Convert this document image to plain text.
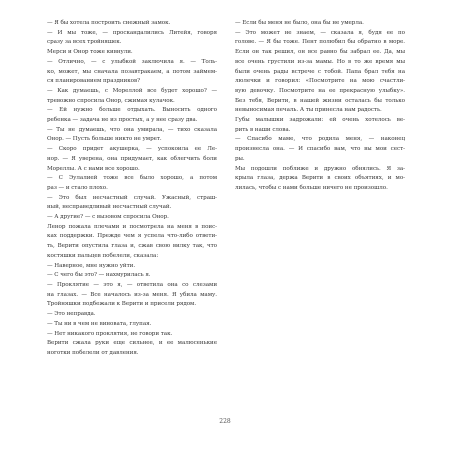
— Я бы хотела построить снежный замок.
— И мы тоже, — проскандалились Литейя, говоря
сразу за всех тройняшек.
Мерси и Онор тоже кивнули.
— Отлично, — с улыбкой заключила я. — Толь-
ко, может, мы сначала позавтракаем, а потом займем-
ся планированием праздников?
— Как думаешь, с Мореллой все будет хорошо? —
тревожно спросила Онор, сжимая кулачок.
— Ей нужно больше отдыхать. Выносить одного
ребенка — задача не из простых, а у нее сразу два.
— Ты не думаешь, что она умирала, — тихо сказала
Онор. — Пусть больше никто не умрет.
— Скоро придет акушерка, — успокоила ее Ле-
нор. — Я уверена, она придумает, как облегчить боли
Мореллы. А с нами все хорошо.
— С Эулалией тоже все было хорошо, а потом
раз — и стало плохо.
— Это был несчастный случай. Ужасный, страш-
ный, несправедливый несчастный случай.
— А другие? — с вызовом спросила Онор.
Ленор пожала плечами и посмотрела на меня в поис-
ках поддержки. Прежде чем я успела что-либо ответи-
ть, Верити опустила глаза и, сжав свою вилку так, что
костяшки пальцев побелели, сказала:
— Наверное, мне нужно уйти.
— С чего бы это? — нахмурилась я.
— Проклятие — это я, — ответила она со слезами
на глазах. — Все началось из-за меня. Я убила маму.
Тройняшки подбежали к Верити и присели рядом.
— Это неправда.
— Ты ни в чем не виновата, глупая.
— Нет никакого проклятия, не говори так.
Верити сжала руки еще сильнее, и ее малюсенькие
ноготки побелели от давления.
— Если бы меня не было, она бы не умерла.
— Это может не знаем, — сказала я, будя ее по
голове. — Я бы тоже. Пент полюбил бы обратно в море.
Если он так решил, он все равно бы забрал ее. Да, мы
все очень грустили из-за мамы. Но в то же время мы
были очень рады встрече с тобой. Папа брал тебя на
люлечки и говорил: «Посмотрите на мою счастли-
вую девочку. Посмотрите на ее прекрасную улыбку».
Без тебя, Верити, в нашей жизни осталась бы только
невыносимая печаль. А ты принесла нам радость.
Губы малышки задрожали: ей очень хотелось ве-
рить в наши слова.
— Спасибо маме, что родила меня, — наконец
произнесла она. — И спасибо вам, что вы мои сест-
ры.
Мы подошли поближе и дружно обнялись. Я за-
крыла глаза, держа Верити в своих объятиях, и мо-
лилась, чтобы с нами больше ничего не произошло.
228
